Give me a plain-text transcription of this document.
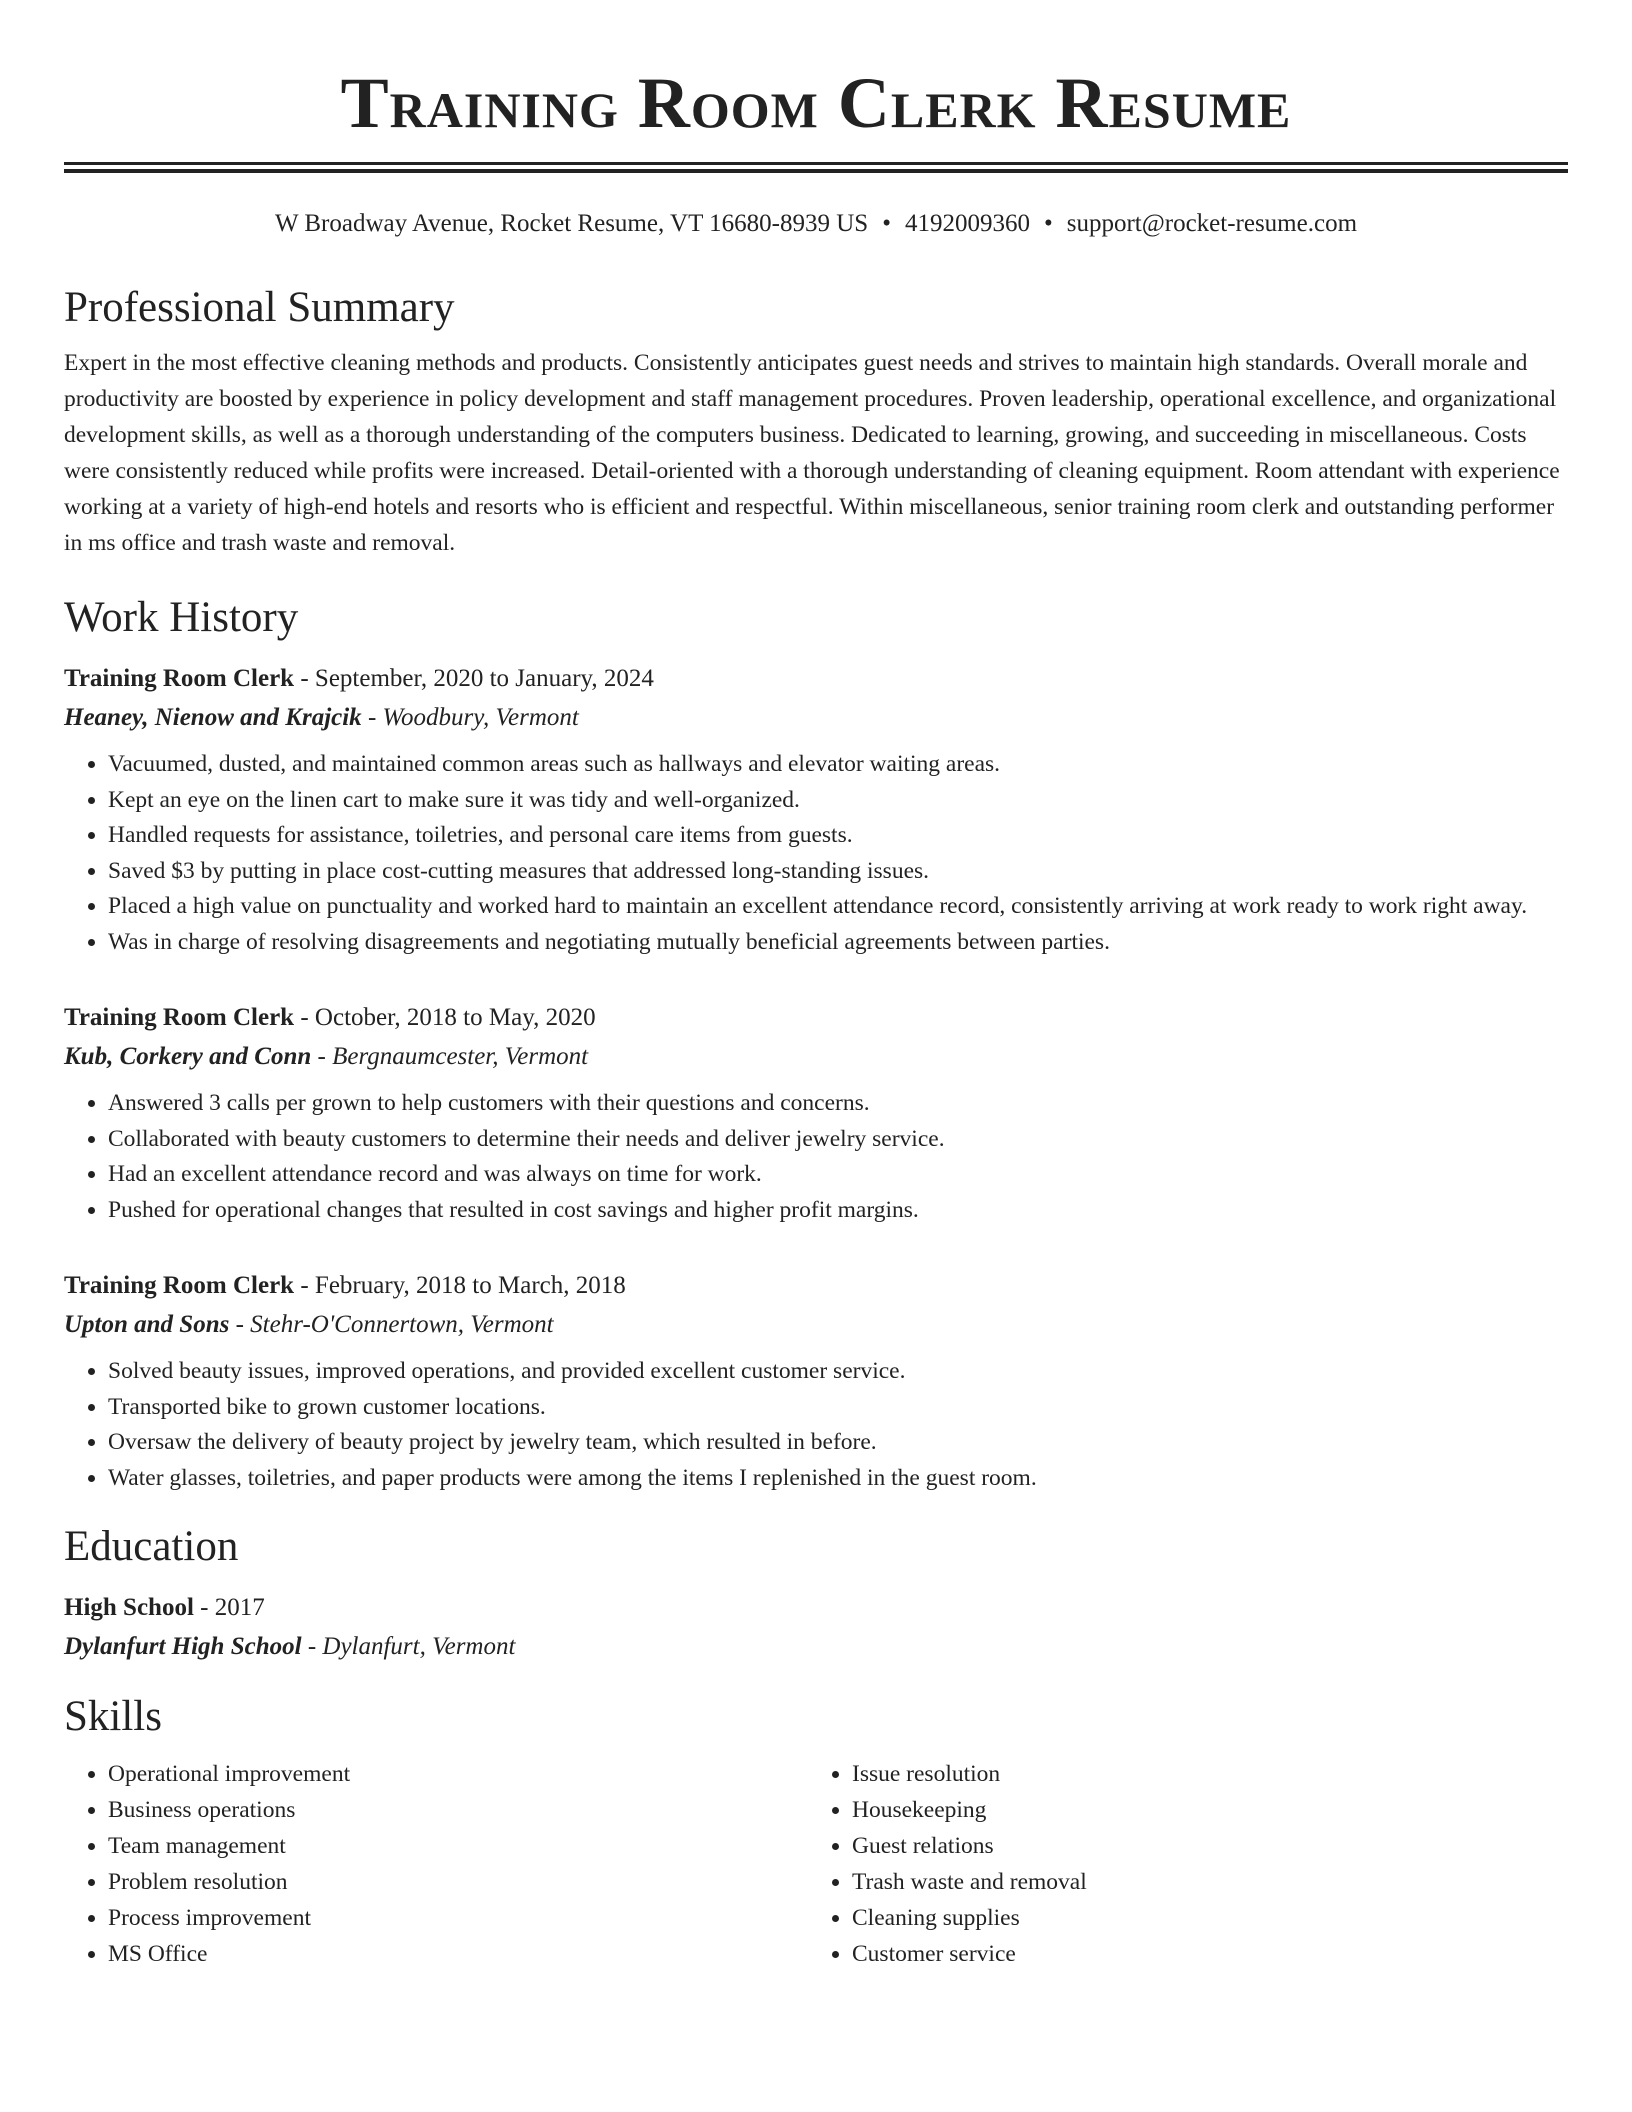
Training Room Clerk Resume
W Broadway Avenue, Rocket Resume, VT 16680-8939 US • 4192009360 • support@rocket-resume.com
Professional Summary

Expert in the most effective cleaning methods and products. Consistently anticipates guest needs and strives to maintain high standards. Overall morale and productivity are boosted by experience in policy development and staff management procedures. Proven leadership, operational excellence, and organizational development skills, as well as a thorough understanding of the computers business. Dedicated to learning, growing, and succeeding in miscellaneous. Costs were consistently reduced while profits were increased. Detail-oriented with a thorough understanding of cleaning equipment. Room attendant with experience working at a variety of high-end hotels and resorts who is efficient and respectful. Within miscellaneous, senior training room clerk and outstanding performer in ms office and trash waste and removal.

Work History
Training Room Clerk - September, 2020 to January, 2024
Heaney, Nienow and Krajcik - Woodbury, Vermont
• Vacuumed, dusted, and maintained common areas such as hallways and elevator waiting areas.
• Kept an eye on the linen cart to make sure it was tidy and well-organized.
• Handled requests for assistance, toiletries, and personal care items from guests.
• Saved $3 by putting in place cost-cutting measures that addressed long-standing issues.
• Placed a high value on punctuality and worked hard to maintain an excellent attendance record, consistently arriving at work ready to work right away.
• Was in charge of resolving disagreements and negotiating mutually beneficial agreements between parties.
Training Room Clerk - October, 2018 to May, 2020
Kub, Corkery and Conn - Bergnaumcester, Vermont
• Answered 3 calls per grown to help customers with their questions and concerns.
• Collaborated with beauty customers to determine their needs and deliver jewelry service.
• Had an excellent attendance record and was always on time for work.
• Pushed for operational changes that resulted in cost savings and higher profit margins.
Training Room Clerk - February, 2018 to March, 2018
Upton and Sons - Stehr-O'Connertown, Vermont
• Solved beauty issues, improved operations, and provided excellent customer service.
• Transported bike to grown customer locations.
• Oversaw the delivery of beauty project by jewelry team, which resulted in before.
• Water glasses, toiletries, and paper products were among the items I replenished in the guest room.
Education
High School - 2017
Dylanfurt High School - Dylanfurt, Vermont
Skills
• Operational improvement
• Business operations
• Team management
• Problem resolution
• Process improvement
• MS Office
• Issue resolution
• Housekeeping
• Guest relations
• Trash waste and removal
• Cleaning supplies
• Customer service
